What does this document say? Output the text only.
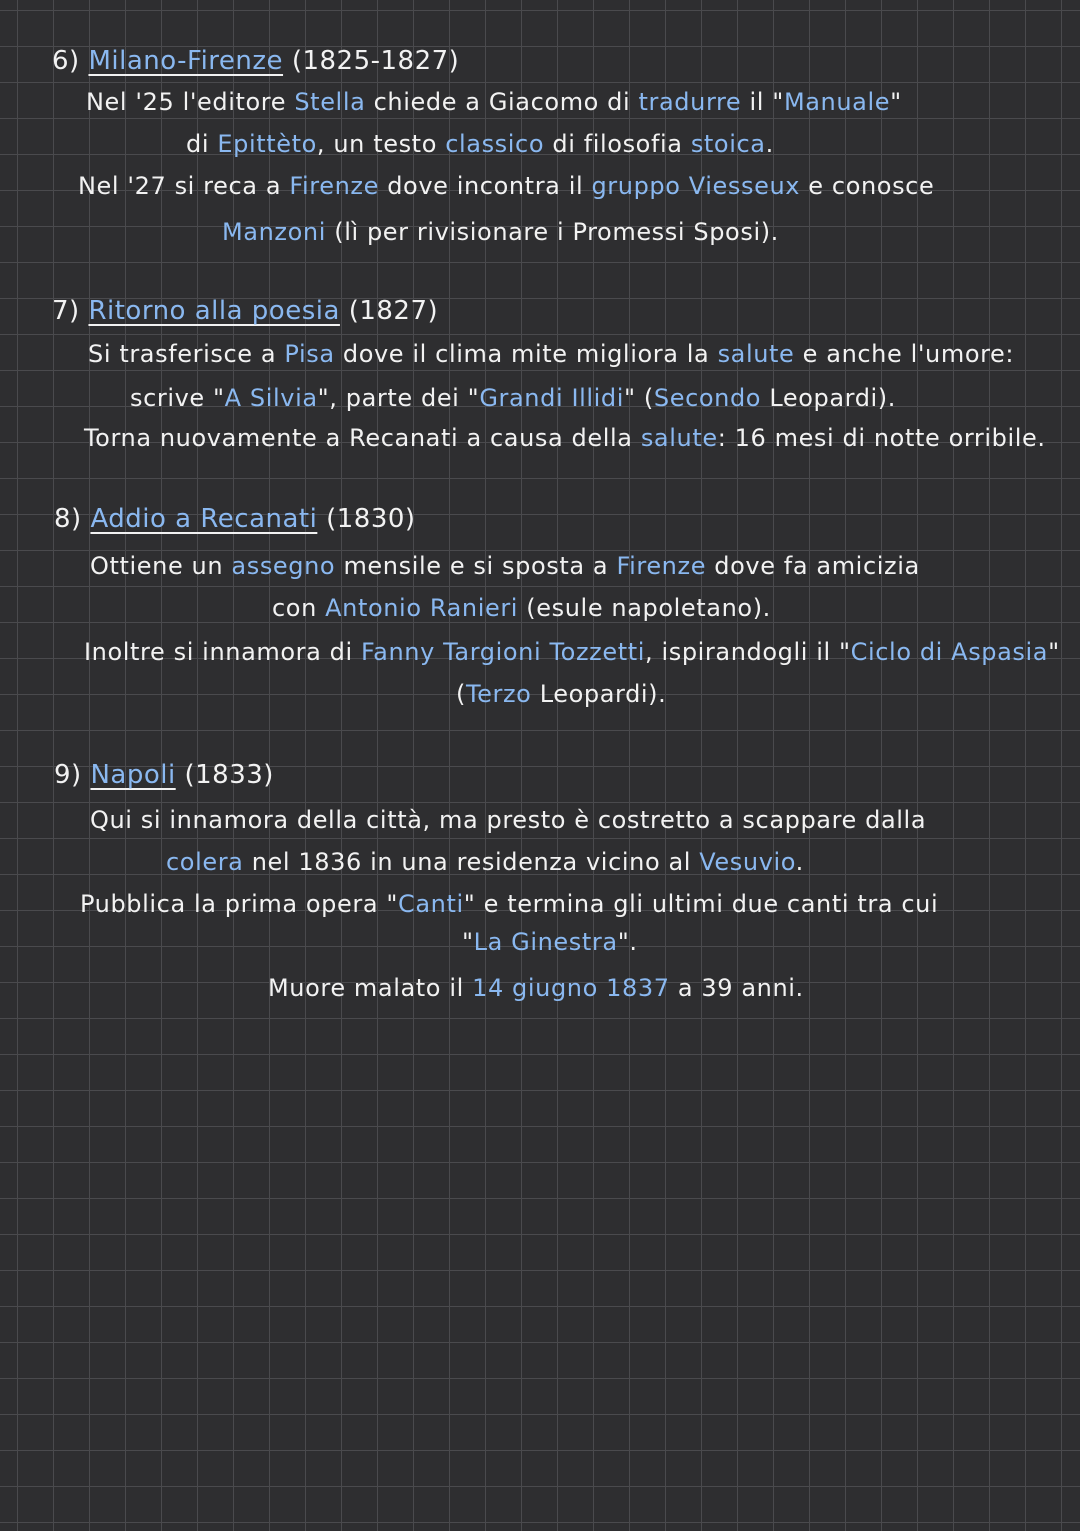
6) Milano-Firenze (1825-1827)
Nel '25 l'editore Stella chiede a Giacomo di tradurre il "Manuale"
di Epittèto, un testo classico di filosofia stoica.
Nel '27 si reca a Firenze dove incontra il gruppo Viesseux e conosce
Manzoni (lì per rivisionare i Promessi Sposi).
7) Ritorno alla poesia (1827)
Si trasferisce a Pisa dove il clima mite migliora la salute e anche l'umore:
scrive "A Silvia", parte dei "Grandi Illidi" (Secondo Leopardi).
Torna nuovamente a Recanati a causa della salute: 16 mesi di notte orribile.
8) Addio a Recanati (1830)
Ottiene un assegno mensile e si sposta a Firenze dove fa amicizia
con Antonio Ranieri (esule napoletano).
Inoltre si innamora di Fanny Targioni Tozzetti, ispirandogli il "Ciclo di Aspasia"
(Terzo Leopardi).
9) Napoli (1833)
Qui si innamora della città, ma presto è costretto a scappare dalla
colera nel 1836 in una residenza vicino al Vesuvio.
Pubblica la prima opera "Canti" e termina gli ultimi due canti tra cui
"La Ginestra".
Muore malato il 14 giugno 1837 a 39 anni.
